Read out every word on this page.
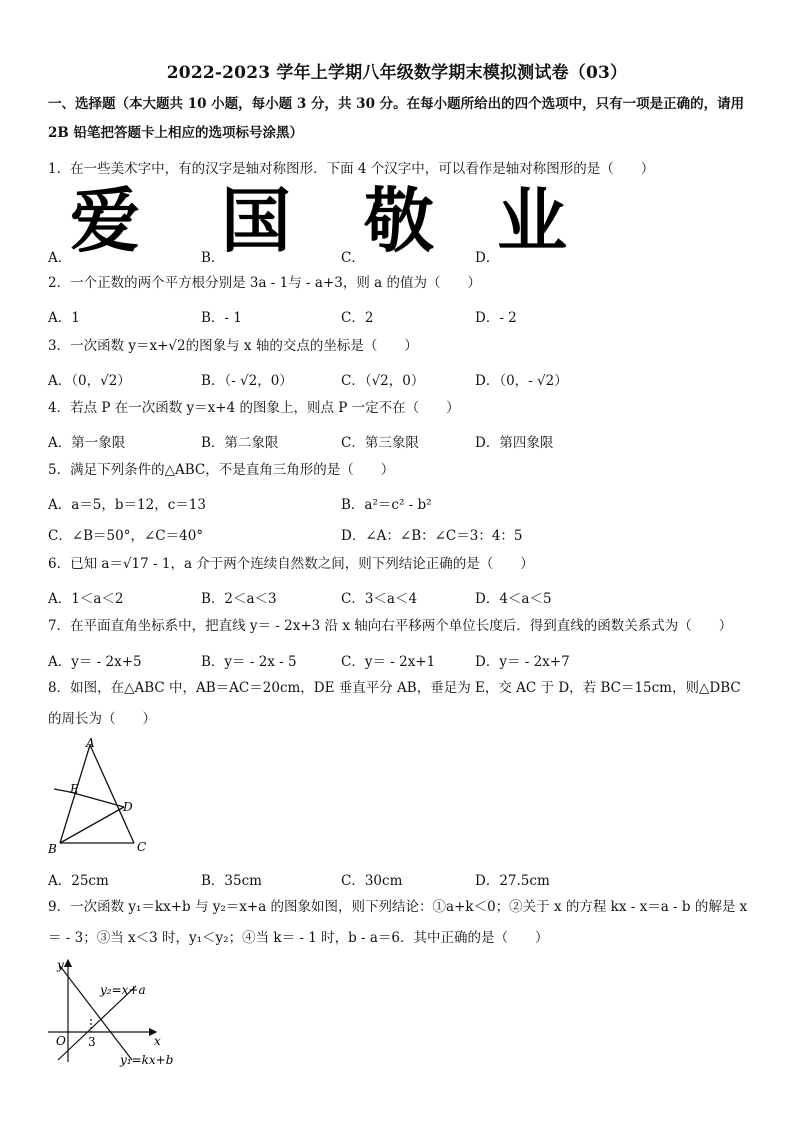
2022-2023 学年上学期八年级数学期末模拟测试卷（03）
一、选择题（本大题共 10 小题，每小题 3 分，共 30 分。在每小题所给出的四个选项中，只有一项是正确的，请用
2B 铅笔把答题卡上相应的选项标号涂黑）
1．在一些美术字中，有的汉字是轴对称图形．下面 4 个汉字中，可以看作是轴对称图形的是（　　）
A．
爱	B．
国	C． 敬	D．
业
2．一个正数的两个平方根分别是 3a - 1与 - a+3，则 a 的值为（　　）
A．1	B．- 1	C．2	D．- 2
3．一次函数 y＝x+√2的图象与 x 轴的交点的坐标是（　　）
A．（0，√2）	B．（- √2，0）	C．（√2，0）	D．（0，- √2）
4．若点 P 在一次函数 y＝x+4 的图象上，则点 P 一定不在（　　）
A．第一象限	B．第二象限	C．第三象限	D．第四象限
5．满足下列条件的△ABC，不是直角三角形的是（　　）
A．a＝5，b＝12，c＝13	B．a²＝c² - b²
C．∠B＝50°，∠C＝40°	D．∠A：∠B：∠C＝3：4：5
6．已知 a＝√17 - 1，a 介于两个连续自然数之间，则下列结论正确的是（　　）
A．1＜a＜2	B．2＜a＜3	C．3＜a＜4	D．4＜a＜5
7．在平面直角坐标系中，把直线 y＝ - 2x+3 沿 x 轴向右平移两个单位长度后．得到直线的函数关系式为（　　）
A．y＝ - 2x+5	B．y＝ - 2x - 5	C．y＝ - 2x+1	D．y＝ - 2x+7
8．如图，在△ABC 中，AB＝AC＝20cm，DE 垂直平分 AB，垂足为 E，交 AC 于 D，若 BC＝15cm，则△DBC 的周长为（　　）
A
E
D
B	C
A．25cm	B．35cm	C．30cm	D．27.5cm
9．一次函数 y₁＝kx+b 与 y₂＝x+a 的图象如图，则下列结论：①a+k＜0；②关于 x 的方程 kx - x＝a - b 的解是 x＝ - 3；③当 x＜3 时，y₁＜y₂；④当 k＝ - 1 时，b - a＝6．其中正确的是（　　）
y
x
O 3
y₂=x+a
y₁=kx+b
